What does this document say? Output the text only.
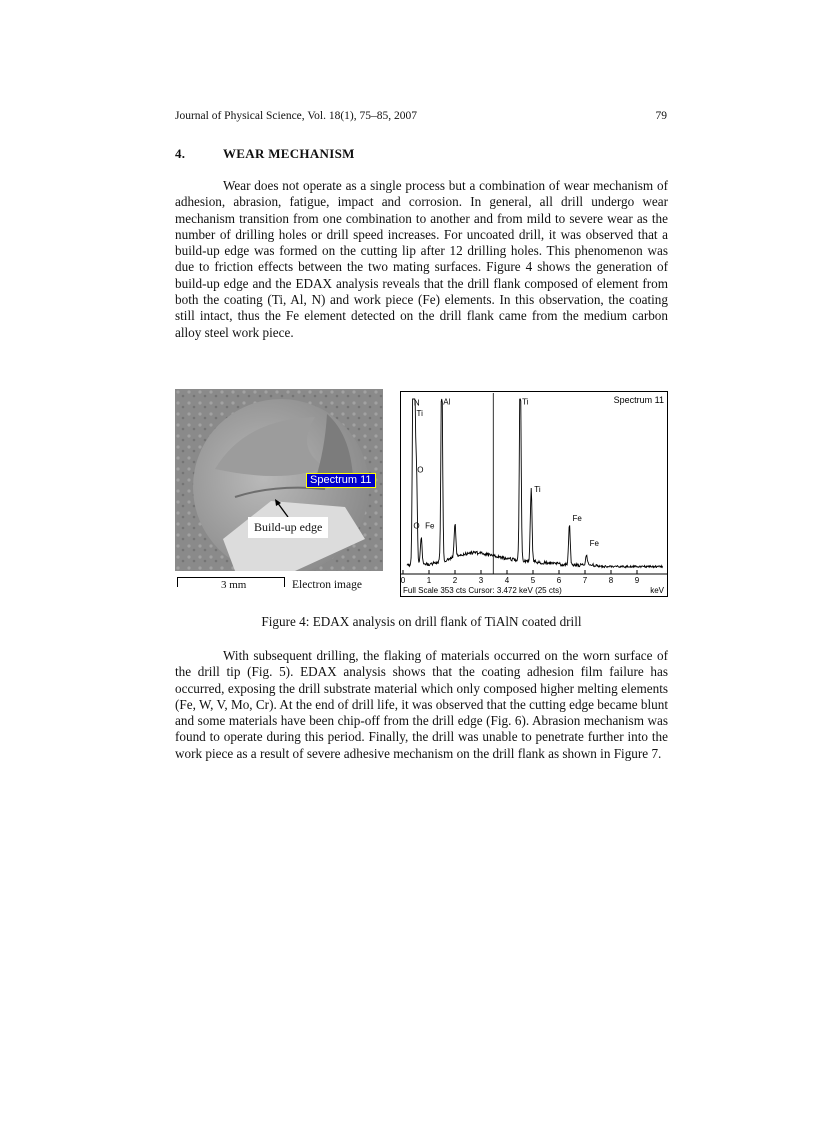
Journal of Physical Science, Vol. 18(1), 75–85, 2007	79
4.	WEAR MECHANISM

Wear does not operate as a single process but a combination of wear mechanism of adhesion, abrasion, fatigue, impact and corrosion. In general, all drill undergo wear mechanism transition from one combination to another and from mild to severe wear as the number of drilling holes or drill speed increases. For uncoated drill, it was observed that a build-up edge was formed on the cutting lip after 12 drilling holes. This phenomenon was due to friction effects between the two mating surfaces. Figure 4 shows the generation of build-up edge and the EDAX analysis reveals that the drill flank composed of element from both the coating (Ti, Al, N) and work piece (Fe) elements. In this observation, the coating still intact, thus the Fe element detected on the drill flank came from the medium carbon alloy steel work piece.

Spectrum 11
Build-up edge
3 mm	Electron image
Spectrum 11
Full Scale 353 cts Cursor: 3.472 keV (25 cts)	keV
0	1	2	3	4	5	6	7	8	9
N
Ti
Al	Ti
O
Ti
O Fe
Fe
Fe
Figure 4: EDAX analysis on drill flank of TiAlN coated drill

With subsequent drilling, the flaking of materials occurred on the worn surface of the drill tip (Fig. 5). EDAX analysis shows that the coating adhesion film failure has occurred, exposing the drill substrate material which only composed higher melting elements (Fe, W, V, Mo, Cr). At the end of drill life, it was observed that the cutting edge became blunt and some materials have been chip-off from the drill edge (Fig. 6). Abrasion mechanism was found to operate during this period. Finally, the drill was unable to penetrate further into the work piece as a result of severe adhesive mechanism on the drill flank as shown in Figure 7.
